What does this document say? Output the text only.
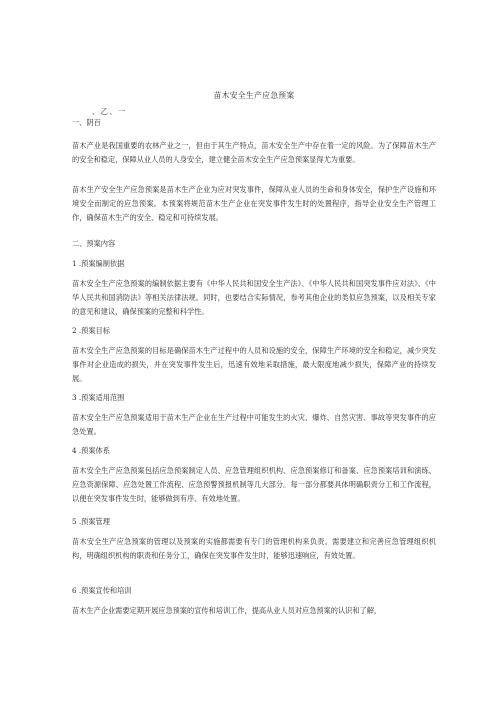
苗木安全生产应急预案
、乙、一
一、阴百
苗木产业是我国重要的农林产业之一，但由于其生产特点，苗木安全生产中存在着一定的风险。为了保障苗木生产的安全和稳定，保障从业人员的人身安全，建立健全苗木安全生产应急预案显得尤为重要。
苗木生产安全生产应急预案是苗木生产企业为应对突发事件，保障从业人员的生命和身体安全，保护生产设施和环境安全而制定的应急预案。本预案将规范苗木生产企业在突发事件发生时的处置程序，指导企业安全生产管理工作，确保苗木生产的安全、稳定和可持续发展。
二、预案内容
1 .预案编制依据
苗木安全生产应急预案的编制依据主要有《中华人民共和国安全生产法》、《中华人民共和国突发事件应对法》、《中华人民共和国消防法》等相关法律法规。同时，也要结合实际情况，参考其他企业的类似应急预案，以及相关专家的意见和建议，确保预案的完整和科学性。
2 .预案目标
苗木安全生产应急预案的目标是确保苗木生产过程中的人员和设施的安全，保障生产环境的安全和稳定，减少突发事件对企业造成的损失，并在突发事件发生后，迅速有效地采取措施，最大限度地减少损失，保障产业的持续发展。
3 .预案适用范围
苗木安全生产应急预案适用于苗木生产企业在生产过程中可能发生的火灾、爆炸、自然灾害、事故等突发事件的应急处置。
4 .预案体系
苗木安全生产应急预案包括应急预案制定人员、应急管理组织机构、应急预案修订和备案、应急预案培训和演练、应急资源保障、应急处置工作流程、应急预警预报机制等几大部分。每一部分都要具体明确职责分工和工作流程，以便在突发事件发生时，能够做到有序、有效地处置。
5 .预案管理
苗木安全生产应急预案的管理以及预案的实施都需要有专门的管理机构来负责。需要建立和完善应急管理组织机构，明确组织机构的职责和任务分工，确保在突发事件发生时，能够迅速响应，有效处置。
6 .预案宣传和培训
苗木生产企业需要定期开展应急预案的宣传和培训工作，提高从业人员对应急预案的认识和了解，
